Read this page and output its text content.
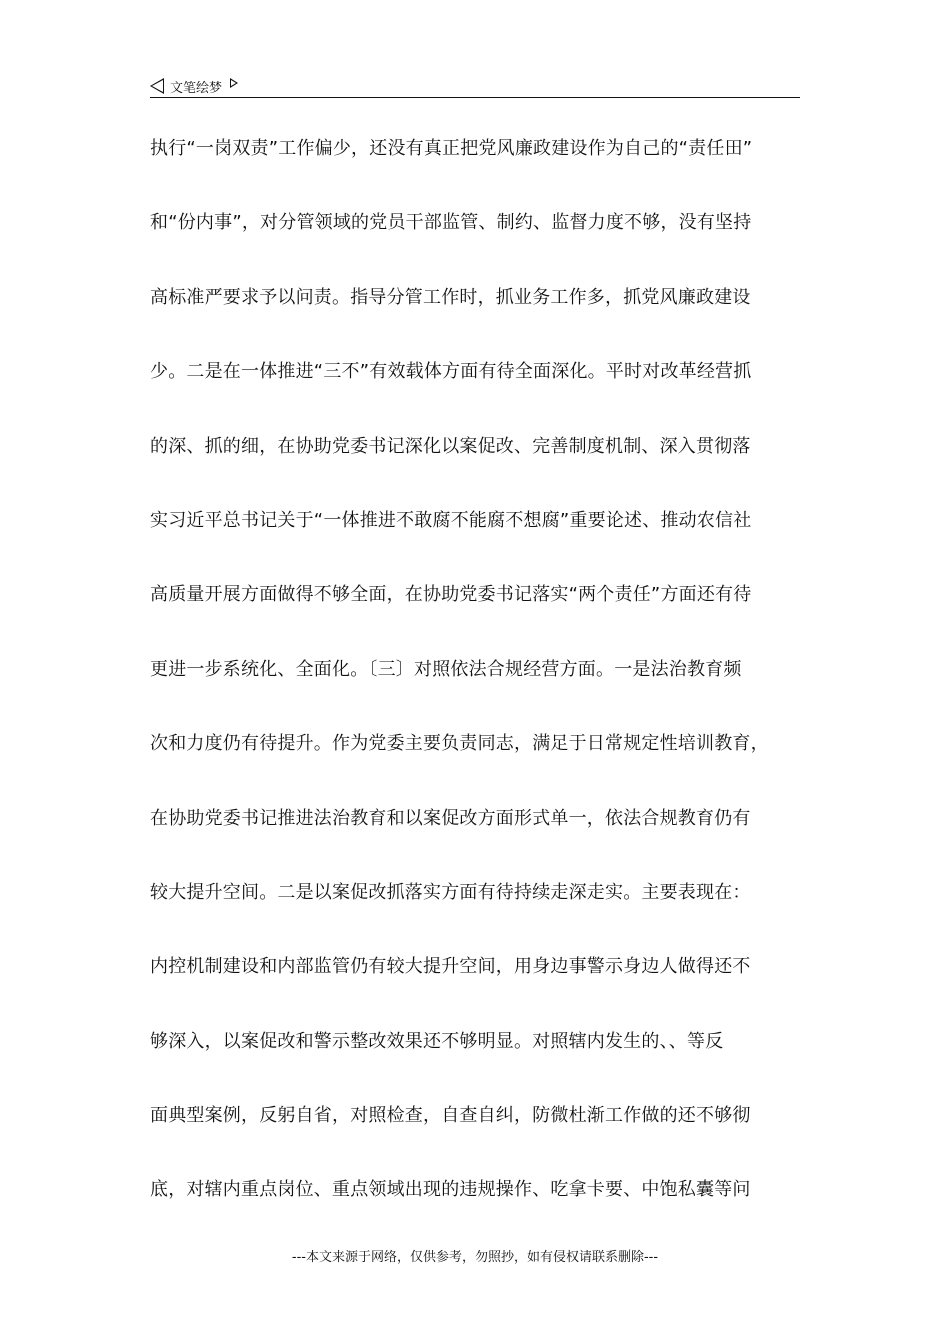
文笔绘梦
执行“一岗双责”工作偏少，还没有真正把党风廉政建设作为自己的“责任田”
和“份内事”，对分管领域的党员干部监管、制约、监督力度不够，没有坚持
高标准严要求予以问责。指导分管工作时，抓业务工作多，抓党风廉政建设
少。二是在一体推进“三不”有效载体方面有待全面深化。平时对改革经营抓
的深、抓的细，在协助党委书记深化以案促改、完善制度机制、深入贯彻落
实习近平总书记关于“一体推进不敢腐不能腐不想腐”重要论述、推动农信社
高质量开展方面做得不够全面，在协助党委书记落实“两个责任”方面还有待
更进一步系统化、全面化。〔三〕对照依法合规经营方面。一是法治教育频
次和力度仍有待提升。作为党委主要负责同志，满足于日常规定性培训教育，
在协助党委书记推进法治教育和以案促改方面形式单一，依法合规教育仍有
较大提升空间。二是以案促改抓落实方面有待持续走深走实。主要表现在：
内控机制建设和内部监管仍有较大提升空间，用身边事警示身边人做得还不
够深入，以案促改和警示整改效果还不够明显。对照辖内发生的、、等反
面典型案例，反躬自省，对照检查，自查自纠，防微杜渐工作做的还不够彻
底，对辖内重点岗位、重点领域出现的违规操作、吃拿卡要、中饱私囊等问
---本文来源于网络，仅供参考，勿照抄，如有侵权请联系删除---
